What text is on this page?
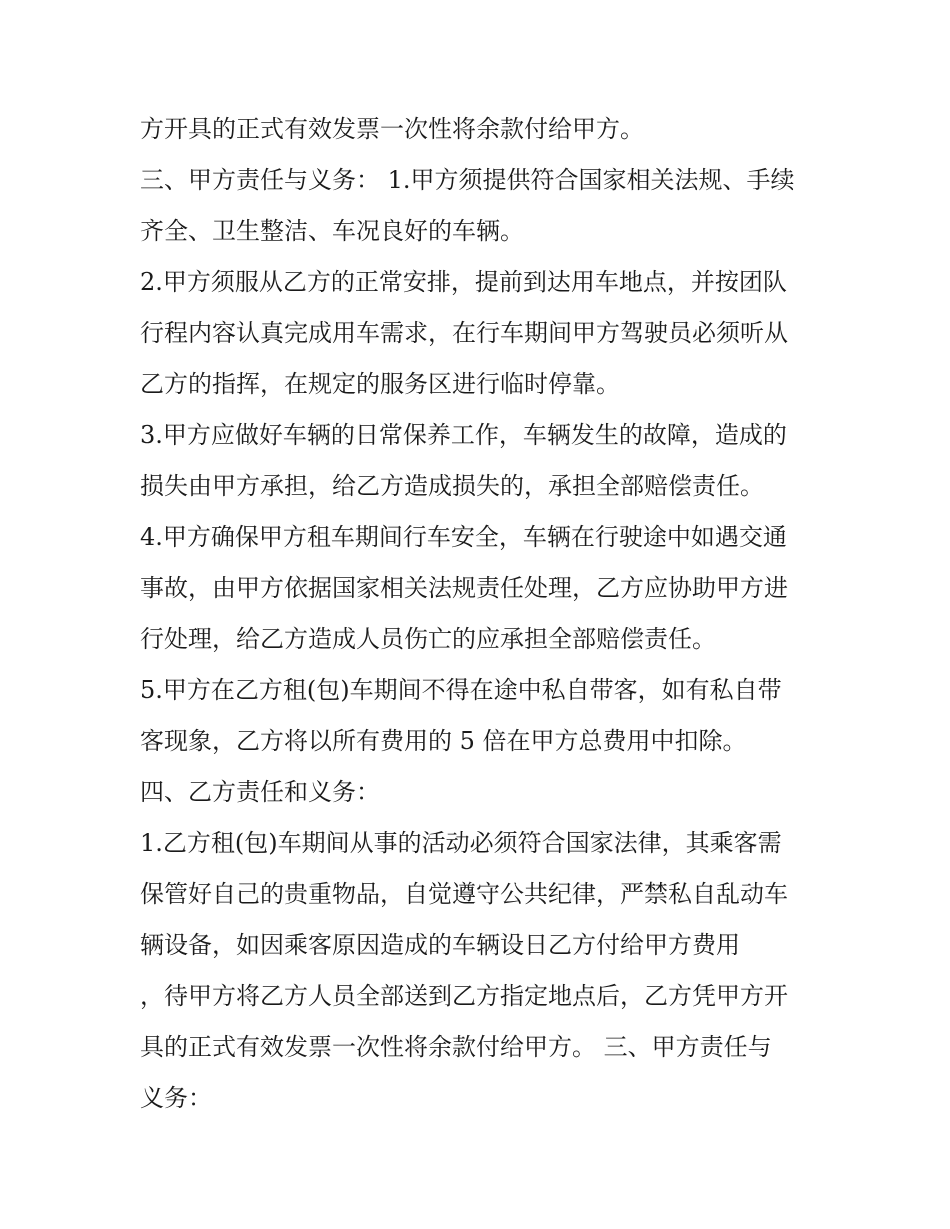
方开具的正式有效发票一次性将余款付给甲方。

三、甲方责任与义务： 1.甲方须提供符合国家相关法规、手续

齐全、卫生整洁、车况良好的车辆。

2.甲方须服从乙方的正常安排，提前到达用车地点，并按团队

行程内容认真完成用车需求，在行车期间甲方驾驶员必须听从

乙方的指挥，在规定的服务区进行临时停靠。

3.甲方应做好车辆的日常保养工作，车辆发生的故障，造成的

损失由甲方承担，给乙方造成损失的，承担全部赔偿责任。

4.甲方确保甲方租车期间行车安全，车辆在行驶途中如遇交通

事故，由甲方依据国家相关法规责任处理，乙方应协助甲方进

行处理，给乙方造成人员伤亡的应承担全部赔偿责任。

5.甲方在乙方租(包)车期间不得在途中私自带客，如有私自带

客现象，乙方将以所有费用的 5 倍在甲方总费用中扣除。

四、乙方责任和义务：

1.乙方租(包)车期间从事的活动必须符合国家法律，其乘客需

保管好自己的贵重物品，自觉遵守公共纪律，严禁私自乱动车

辆设备，如因乘客原因造成的车辆设日乙方付给甲方费用

，待甲方将乙方人员全部送到乙方指定地点后，乙方凭甲方开

具的正式有效发票一次性将余款付给甲方。 三、甲方责任与

义务：
